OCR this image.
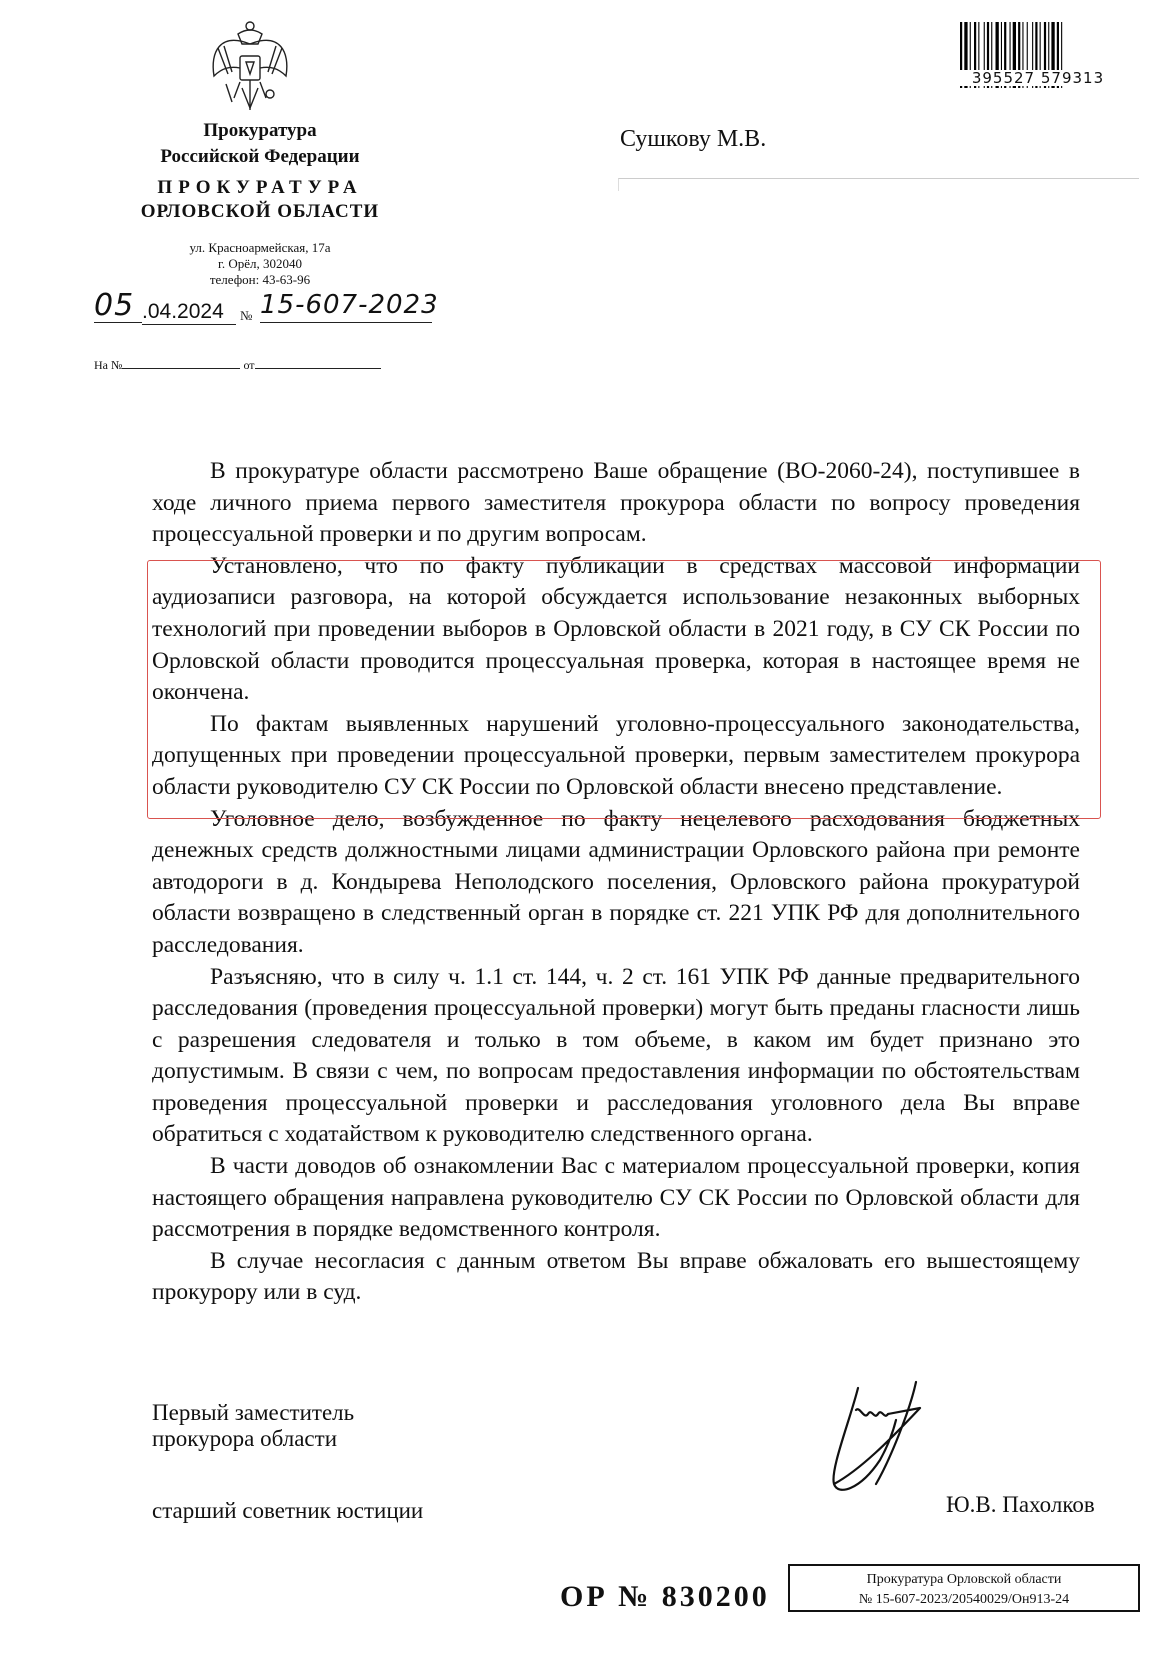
Прокуратура
Российской Федерации
ПРОКУРАТУРА
ОРЛОВСКОЙ ОБЛАСТИ
ул. Красноармейская, 17а
г. Орёл, 302040
телефон: 43-63-96
05 .04.2024	№ 15-607-2023
На №	от
395527 579313
Сушкову М.В.

В прокуратуре области рассмотрено Ваше обращение (ВО-2060-24), поступившее в ходе личного приема первого заместителя прокурора области по вопросу проведения процессуальной проверки и по другим вопросам.

Установлено, что по факту публикации в средствах массовой информации аудиозаписи разговора, на которой обсуждается использование незаконных выборных технологий при проведении выборов в Орловской области в 2021 году, в СУ СК России по Орловской области проводится процессуальная проверка, которая в настоящее время не окончена.

По фактам выявленных нарушений уголовно-процессуального законодательства, допущенных при проведении процессуальной проверки, первым заместителем прокурора области руководителю СУ СК России по Орловской области внесено представление.

Уголовное дело, возбужденное по факту нецелевого расходования бюджетных денежных средств должностными лицами администрации Орловского района при ремонте автодороги в д. Кондырева Неполодского поселения, Орловского района прокуратурой области возвращено в следственный орган в порядке ст. 221 УПК РФ для дополнительного расследования.

Разъясняю, что в силу ч. 1.1 ст. 144, ч. 2 ст. 161 УПК РФ данные предварительного расследования (проведения процессуальной проверки) могут быть преданы гласности лишь с разрешения следователя и только в том объеме, в каком им будет признано это допустимым. В связи с чем, по вопросам предоставления информации по обстоятельствам проведения процессуальной проверки и расследования уголовного дела Вы вправе обратиться с ходатайством к руководителю следственного органа.

В части доводов об ознакомлении Вас с материалом процессуальной проверки, копия настоящего обращения направлена руководителю СУ СК России по Орловской области для рассмотрения в порядке ведомственного контроля.

В случае несогласия с данным ответом Вы вправе обжаловать его вышестоящему прокурору или в суд.

Первый заместитель
прокурора области
старший советник юстиции	Ю.В. Пахолков
ОР № 830200
Прокуратура Орловской области
№ 15-607-2023/20540029/Он913-24
